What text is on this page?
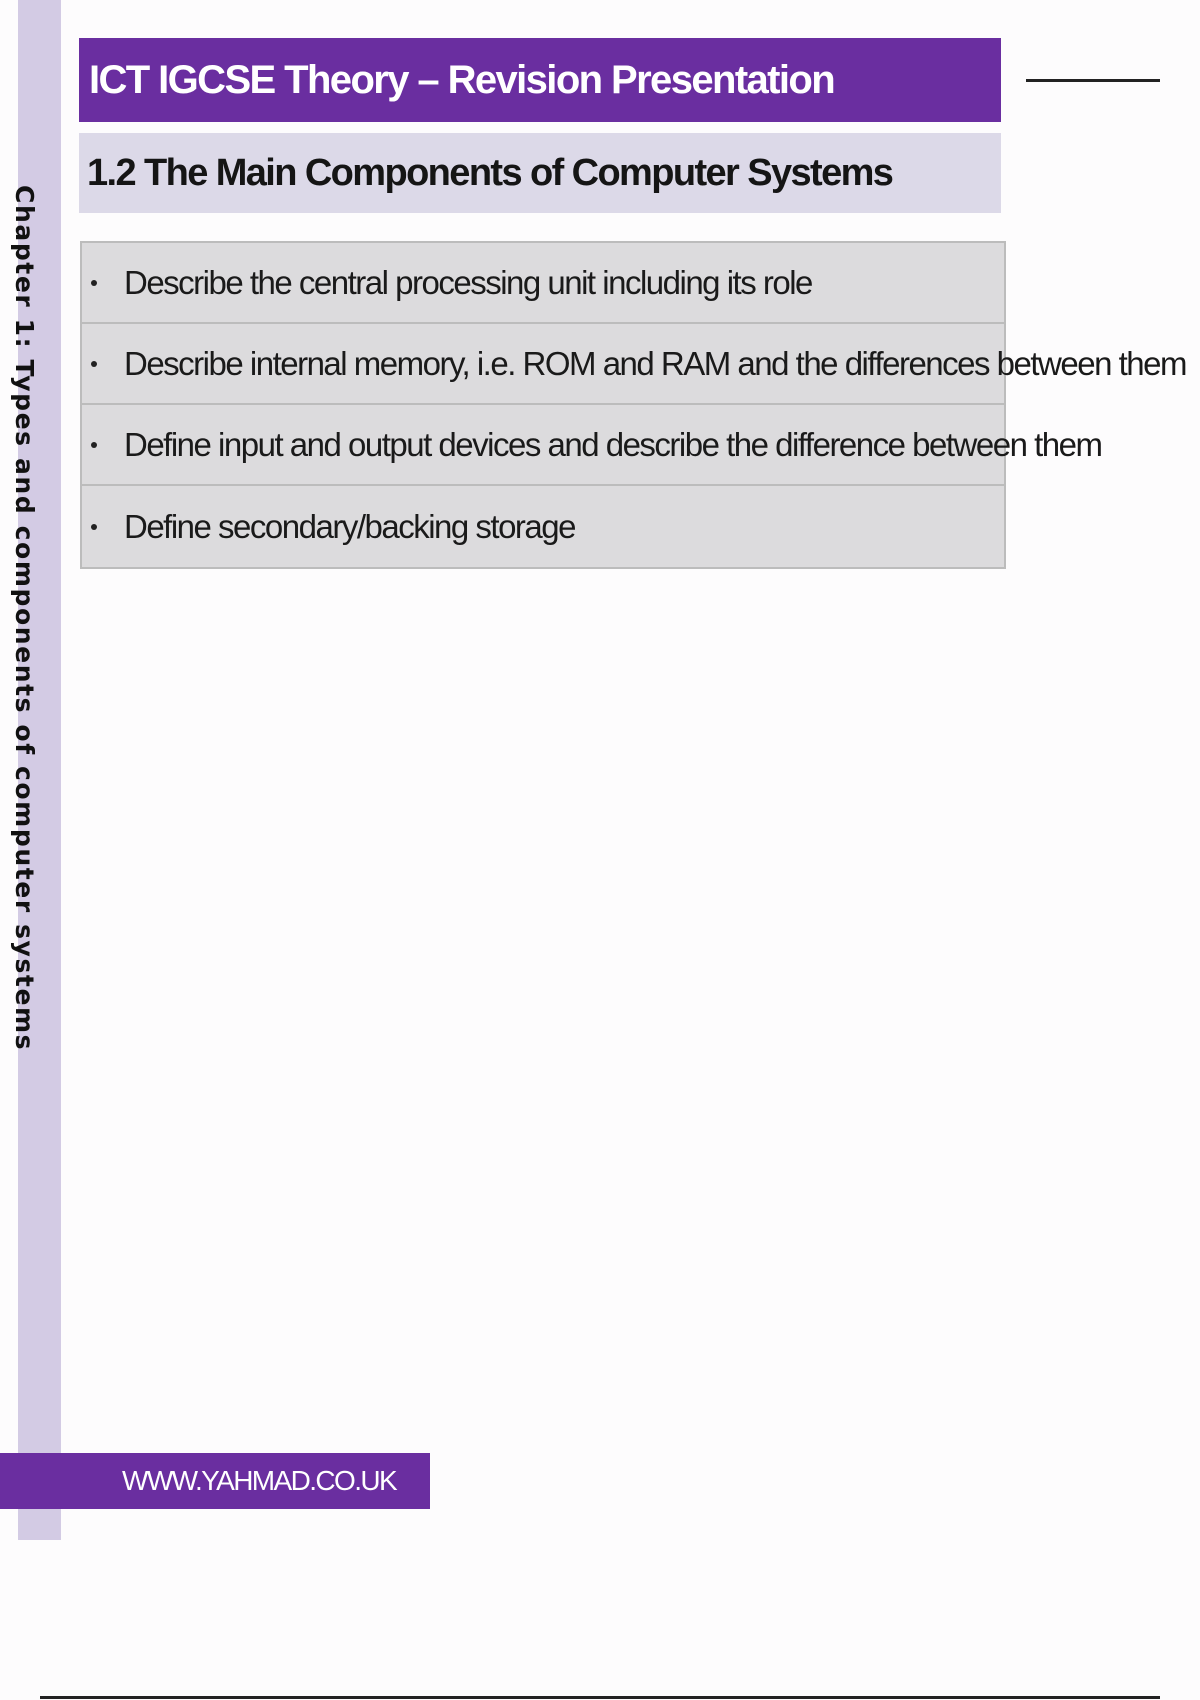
Chapter 1: Types and components of computer systems
ICT IGCSE Theory – Revision Presentation
1.2 The Main Components of Computer Systems
Describe the central processing unit including its role
Describe internal memory, i.e. ROM and RAM and the differences between them
Define input and output devices and describe the difference between them
Define secondary/backing storage
WWW.YAHMAD.CO.UK
